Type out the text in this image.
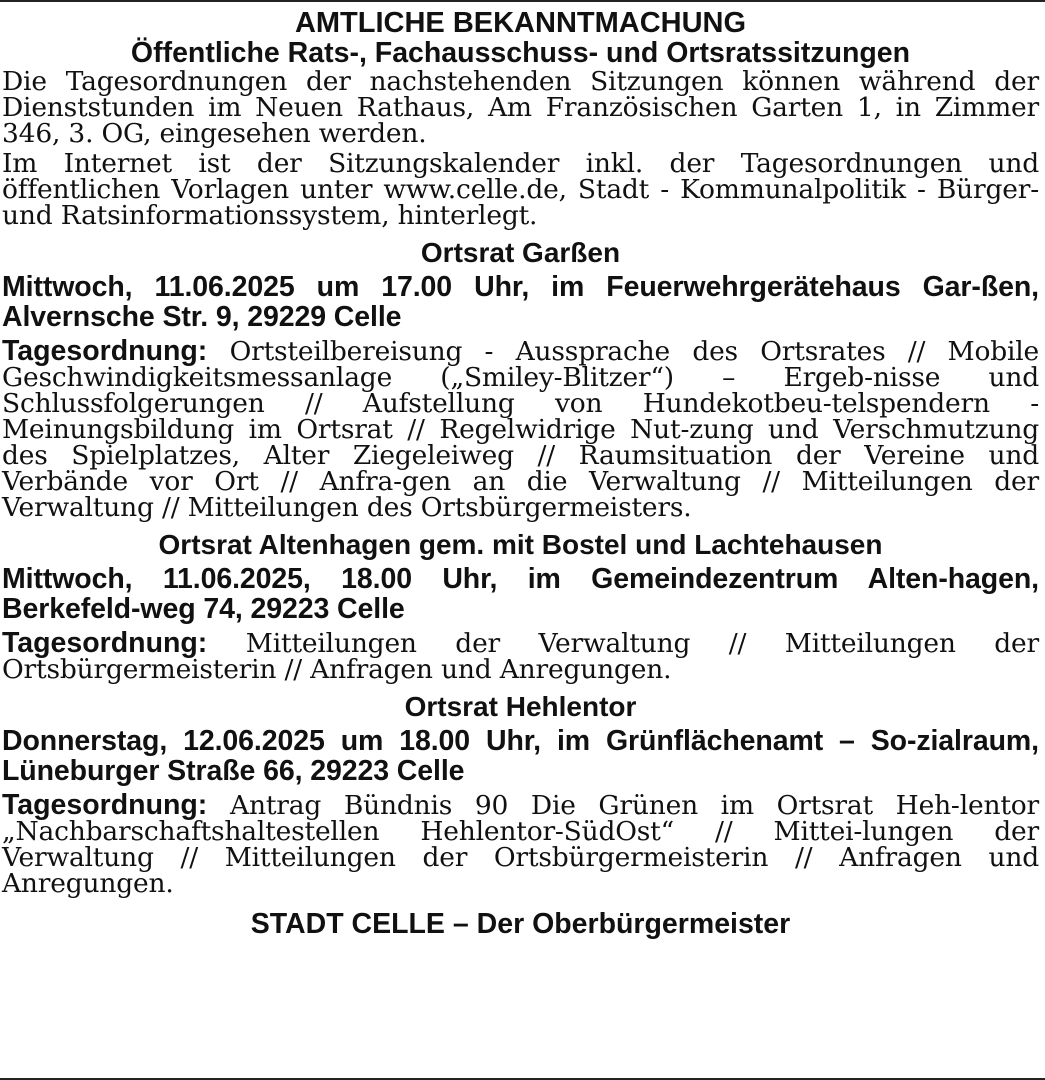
AMTLICHE BEKANNTMACHUNG
Öffentliche Rats-, Fachausschuss- und Ortsratssitzungen

Die Tagesordnungen der nachstehenden Sitzungen können während der Dienststunden im Neuen Rathaus, Am Französischen Garten 1, in Zimmer 346, 3. OG, eingesehen werden.

Im Internet ist der Sitzungskalender inkl. der Tagesordnungen und öffentlichen Vorlagen unter www.celle.de, Stadt - Kommunalpolitik - Bürger- und Ratsinformationssystem, hinterlegt.

Ortsrat Garßen

Mittwoch, 11.06.2025 um 17.00 Uhr, im Feuerwehrgerätehaus Gar-ßen, Alvernsche Str. 9, 29229 Celle

Tagesordnung: Ortsteilbereisung - Aussprache des Ortsrates // Mobile Geschwindigkeitsmessanlage („Smiley-Blitzer“) – Ergeb-nisse und Schlussfolgerungen // Aufstellung von Hundekotbeu-telspendern - Meinungsbildung im Ortsrat // Regelwidrige Nut-zung und Verschmutzung des Spielplatzes, Alter Ziegeleiweg // Raumsituation der Vereine und Verbände vor Ort // Anfra-gen an die Verwaltung // Mitteilungen der Verwaltung // Mitteilungen des Ortsbürgermeisters.

Ortsrat Altenhagen gem. mit Bostel und Lachtehausen

Mittwoch, 11.06.2025, 18.00 Uhr, im Gemeindezentrum Alten-hagen, Berkefeld-weg 74, 29223 Celle

Tagesordnung: Mitteilungen der Verwaltung // Mitteilungen der Ortsbürgermeisterin // Anfragen und Anregungen.

Ortsrat Hehlentor

Donnerstag, 12.06.2025 um 18.00 Uhr, im Grünflächenamt – So-zialraum, Lüneburger Straße 66, 29223 Celle

Tagesordnung: Antrag Bündnis 90 Die Grünen im Ortsrat Heh-lentor „Nachbarschaftshaltestellen Hehlentor-SüdOst“ // Mittei-lungen der Verwaltung // Mitteilungen der Ortsbürgermeisterin // Anfragen und Anregungen.

STADT CELLE – Der Oberbürgermeister
